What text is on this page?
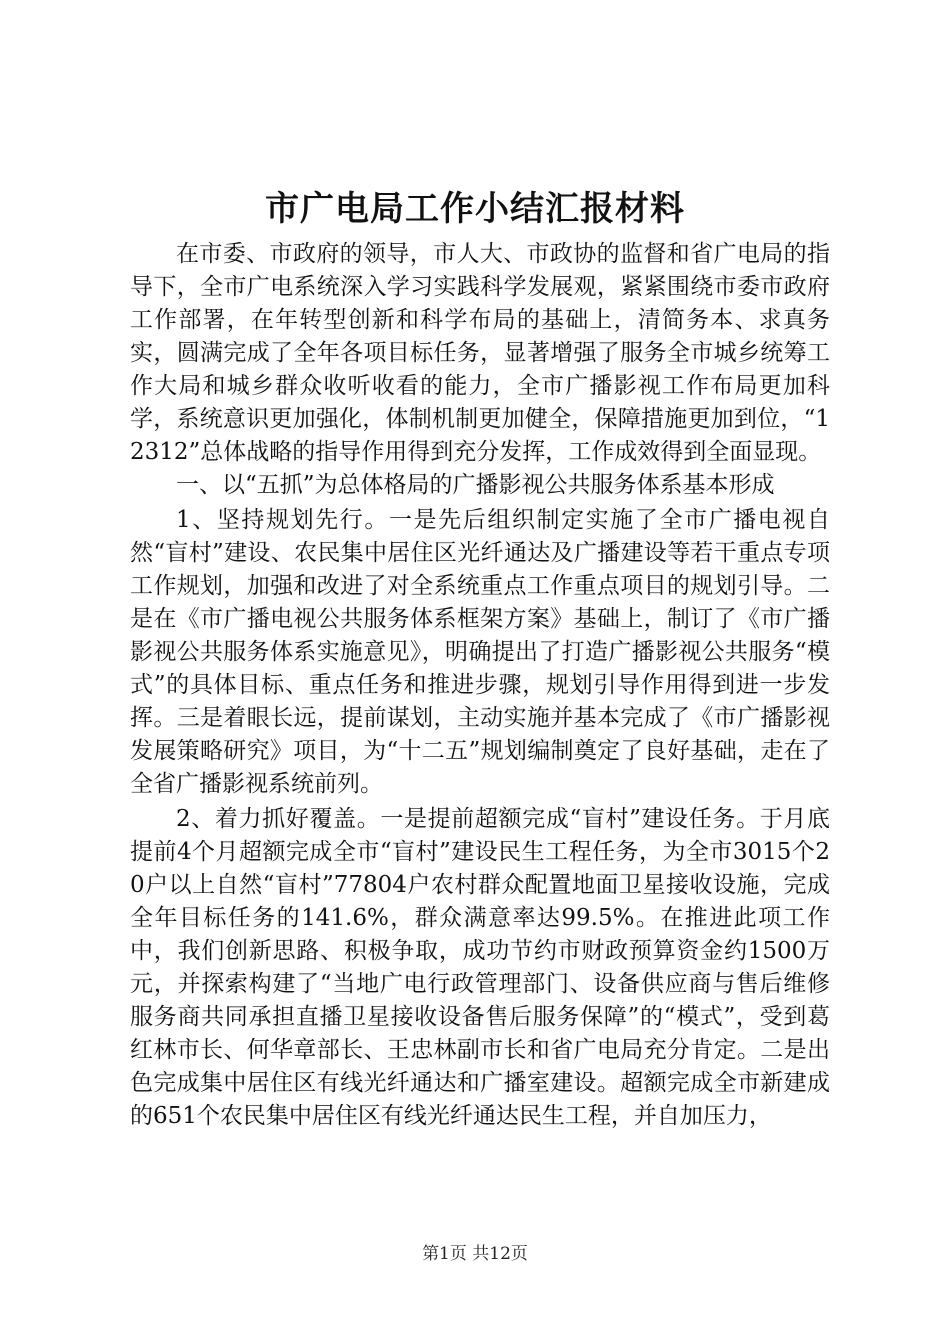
市广电局工作小结汇报材料

在市委、市政府的领导，市人大、市政协的监督和省广电局的指导下，全市广电系统深入学习实践科学发展观，紧紧围绕市委市政府工作部署，在年转型创新和科学布局的基础上，清简务本、求真务实，圆满完成了全年各项目标任务，显著增强了服务全市城乡统筹工作大局和城乡群众收听收看的能力，全市广播影视工作布局更加科学，系统意识更加强化，体制机制更加健全，保障措施更加到位，“12312”总体战略的指导作用得到充分发挥，工作成效得到全面显现。

一、以“五抓”为总体格局的广播影视公共服务体系基本形成

1、坚持规划先行。一是先后组织制定实施了全市广播电视自然“盲村”建设、农民集中居住区光纤通达及广播建设等若干重点专项工作规划，加强和改进了对全系统重点工作重点项目的规划引导。二是在《市广播电视公共服务体系框架方案》基础上，制订了《市广播影视公共服务体系实施意见》，明确提出了打造广播影视公共服务“模式”的具体目标、重点任务和推进步骤，规划引导作用得到进一步发挥。三是着眼长远，提前谋划，主动实施并基本完成了《市广播影视发展策略研究》项目，为“十二五”规划编制奠定了良好基础，走在了全省广播影视系统前列。

2、着力抓好覆盖。一是提前超额完成“盲村”建设任务。于月底提前4个月超额完成全市“盲村”建设民生工程任务，为全市3015个20户以上自然“盲村”77804户农村群众配置地面卫星接收设施，完成全年目标任务的141.6%，群众满意率达99.5%。在推进此项工作中，我们创新思路、积极争取，成功节约市财政预算资金约1500万元，并探索构建了“当地广电行政管理部门、设备供应商与售后维修服务商共同承担直播卫星接收设备售后服务保障”的“模式”，受到葛红林市长、何华章部长、王忠林副市长和省广电局充分肯定。二是出色完成集中居住区有线光纤通达和广播室建设。超额完成全市新建成的651个农民集中居住区有线光纤通达民生工程，并自加压力，

第1页 共12页
